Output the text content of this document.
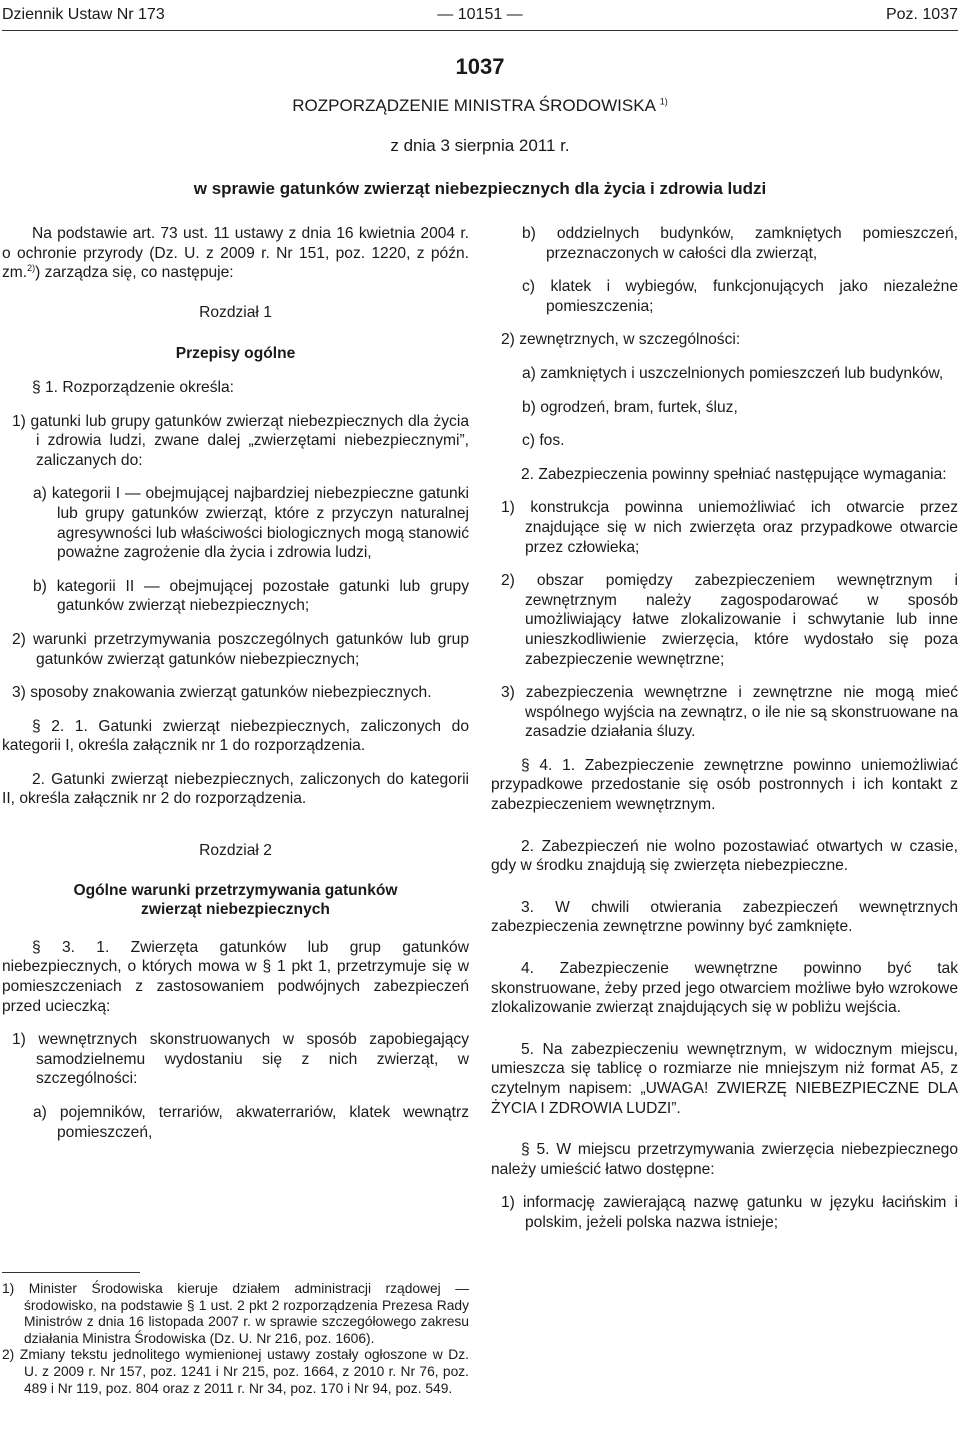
Dziennik Ustaw Nr 173	— 10151 —	Poz. 1037
1037
ROZPORZĄDZENIE MINISTRA ŚRODOWISKA $^{1)}$
z dnia 3 sierpnia 2011 r.
w sprawie gatunków zwierząt niebezpiecznych dla życia i zdrowia ludzi

Na podstawie art. 73 ust. 11 ustawy z dnia 16 kwietnia 2004 r. o ochronie przyrody (Dz. U. z 2009 r. Nr 151, poz. 1220, z późn. zm.$^{2)}$) zarządza się, co następuje:

Rozdział 1

Przepisy ogólne

§ 1. Rozporządzenie określa:

1) gatunki lub grupy gatunków zwierząt niebezpiecznych dla życia i zdrowia ludzi, zwane dalej „zwierzętami niebezpiecznymi”, zaliczanych do:

a) kategorii I — obejmującej najbardziej niebezpieczne gatunki lub grupy gatunków zwierząt, które z przyczyn naturalnej agresywności lub właściwości biologicznych mogą stanowić poważne zagrożenie dla życia i zdrowia ludzi,

b) kategorii II — obejmującej pozostałe gatunki lub grupy gatunków zwierząt niebezpiecznych;

2) warunki przetrzymywania poszczególnych gatunków lub grup gatunków zwierząt gatunków niebezpiecznych;

3) sposoby znakowania zwierząt gatunków niebezpiecznych.

§ 2. 1. Gatunki zwierząt niebezpiecznych, zaliczonych do kategorii I, określa załącznik nr 1 do rozporządzenia.

2. Gatunki zwierząt niebezpiecznych, zaliczonych do kategorii II, określa załącznik nr 2 do rozporządzenia.

Rozdział 2

Ogólne warunki przetrzymywania gatunków zwierząt niebezpiecznych

§ 3. 1. Zwierzęta gatunków lub grup gatunków niebezpiecznych, o których mowa w § 1 pkt 1, przetrzymuje się w pomieszczeniach z zastosowaniem podwójnych zabezpieczeń przed ucieczką:

1) wewnętrznych skonstruowanych w sposób zapobiegający samodzielnemu wydostaniu się z nich zwierząt, w szczególności:

a) pojemników, terrariów, akwaterrariów, klatek wewnątrz pomieszczeń,

1) Minister Środowiska kieruje działem administracji rządowej — środowisko, na podstawie § 1 ust. 2 pkt 2 rozporządzenia Prezesa Rady Ministrów z dnia 16 listopada 2007 r. w sprawie szczegółowego zakresu działania Ministra Środowiska (Dz. U. Nr 216, poz. 1606).

2) Zmiany tekstu jednolitego wymienionej ustawy zostały ogłoszone w Dz. U. z 2009 r. Nr 157, poz. 1241 i Nr 215, poz. 1664, z 2010 r. Nr 76, poz. 489 i Nr 119, poz. 804 oraz z 2011 r. Nr 34, poz. 170 i Nr 94, poz. 549.

b) oddzielnych budynków, zamkniętych pomieszczeń, przeznaczonych w całości dla zwierząt,

c) klatek i wybiegów, funkcjonujących jako niezależne pomieszczenia;

2) zewnętrznych, w szczególności:

a) zamkniętych i uszczelnionych pomieszczeń lub budynków,

b) ogrodzeń, bram, furtek, śluz,

c) fos.

2. Zabezpieczenia powinny spełniać następujące wymagania:

1) konstrukcja powinna uniemożliwiać ich otwarcie przez znajdujące się w nich zwierzęta oraz przypadkowe otwarcie przez człowieka;

2) obszar pomiędzy zabezpieczeniem wewnętrznym i zewnętrznym należy zagospodarować w sposób umożliwiający łatwe zlokalizowanie i schwytanie lub inne unieszkodliwienie zwierzęcia, które wydostało się poza zabezpieczenie wewnętrzne;

3) zabezpieczenia wewnętrzne i zewnętrzne nie mogą mieć wspólnego wyjścia na zewnątrz, o ile nie są skonstruowane na zasadzie działania śluzy.

§ 4. 1. Zabezpieczenie zewnętrzne powinno uniemożliwiać przypadkowe przedostanie się osób postronnych i ich kontakt z zabezpieczeniem wewnętrznym.

2. Zabezpieczeń nie wolno pozostawiać otwartych w czasie, gdy w środku znajdują się zwierzęta niebezpieczne.

3. W chwili otwierania zabezpieczeń wewnętrznych zabezpieczenia zewnętrzne powinny być zamknięte.

4. Zabezpieczenie wewnętrzne powinno być tak skonstruowane, żeby przed jego otwarciem możliwe było wzrokowe zlokalizowanie zwierząt znajdujących się w pobliżu wejścia.

5. Na zabezpieczeniu wewnętrznym, w widocznym miejscu, umieszcza się tablicę o rozmiarze nie mniejszym niż format A5, z czytelnym napisem: „UWAGA! ZWIERZĘ NIEBEZPIECZNE DLA ŻYCIA I ZDROWIA LUDZI”.

§ 5. W miejscu przetrzymywania zwierzęcia niebezpiecznego należy umieścić łatwo dostępne:

1) informację zawierającą nazwę gatunku w języku łacińskim i polskim, jeżeli polska nazwa istnieje;
